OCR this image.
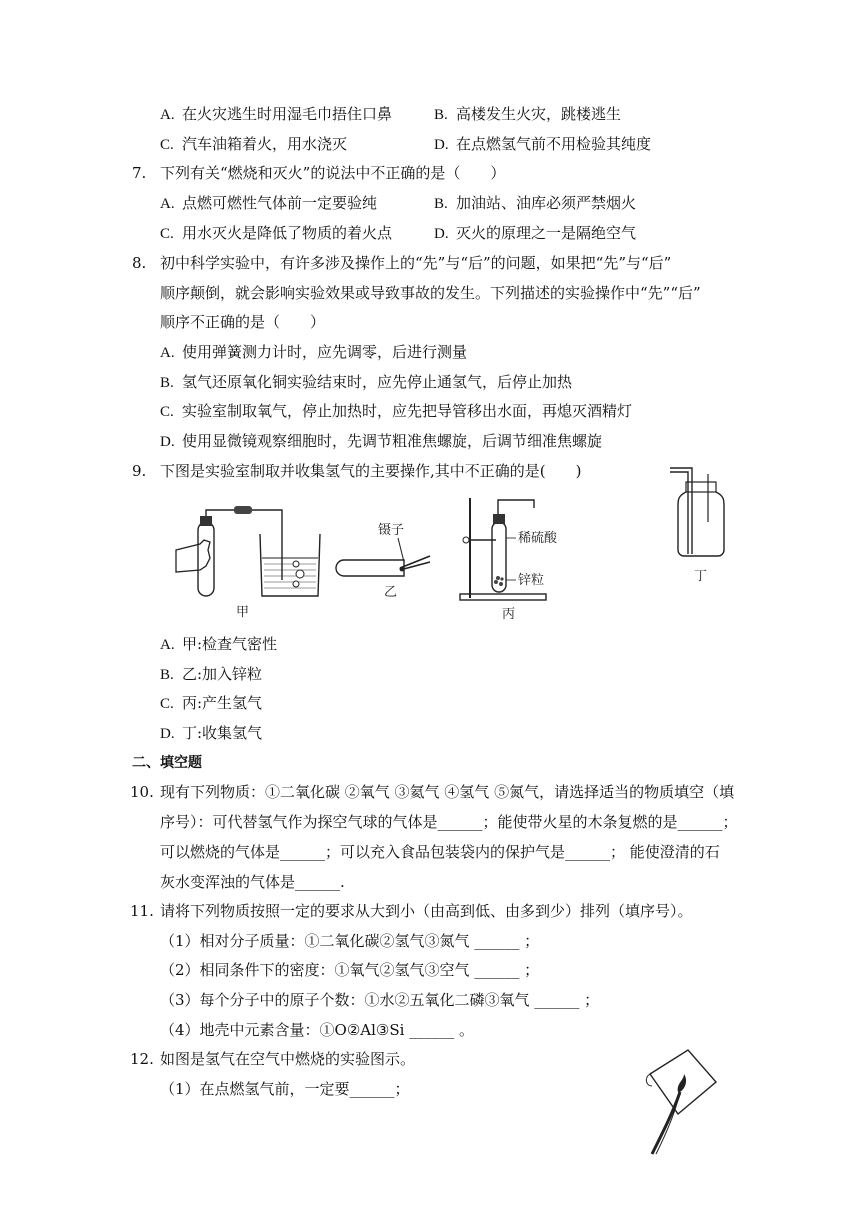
A. 在火灾逃生时用湿毛巾捂住口鼻	B. 高楼发生火灾，跳楼逃生
C. 汽车油箱着火，用水浇灭	D. 在点燃氢气前不用检验其纯度
7. 下列有关“燃烧和灭火”的说法中不正确的是（　　）
A. 点燃可燃性气体前一定要验纯	B. 加油站、油库必须严禁烟火
C. 用水灭火是降低了物质的着火点	D. 灭火的原理之一是隔绝空气
8. 初中科学实验中，有许多涉及操作上的“先”与“后”的问题，如果把“先”与“后”
顺序颠倒，就会影响实验效果或导致事故的发生。下列描述的实验操作中“先”“后”
顺序不正确的是（　　）
A. 使用弹簧测力计时，应先调零，后进行测量
B. 氢气还原氧化铜实验结束时，应先停止通氢气，后停止加热
C. 实验室制取氧气，停止加热时，应先把导管移出水面，再熄灭酒精灯
D. 使用显微镜观察细胞时，先调节粗准焦螺旋，后调节细准焦螺旋
9. 下图是实验室制取并收集氢气的主要操作,其中不正确的是(　　)
甲
镊子
乙
稀硫酸
锌粒
丙
丁
A. 甲:检查气密性
B. 乙:加入锌粒
C. 丙:产生氢气
D. 丁:收集氢气
二、填空题
10. 现有下列物质：①二氧化碳 ②氧气 ③氦气 ④氢气 ⑤氮气，请选择适当的物质填空（填
序号）：可代替氢气作为探空气球的气体是______；能使带火星的木条复燃的是______；
可以燃烧的气体是______；可以充入食品包装袋内的保护气是______； 能使澄清的石
灰水变浑浊的气体是______.
11. 请将下列物质按照一定的要求从大到小（由高到低、由多到少）排列（填序号）。
（1）相对分子质量：①二氧化碳②氢气③氮气 ______ ；
（2）相同条件下的密度：①氧气②氢气③空气 ______ ；
（3）每个分子中的原子个数：①水②五氧化二磷③氧气 ______ ；
（4）地壳中元素含量：①O②Al③Si ______ 。
12. 如图是氢气在空气中燃烧的实验图示。
（1）在点燃氢气前，一定要______；
